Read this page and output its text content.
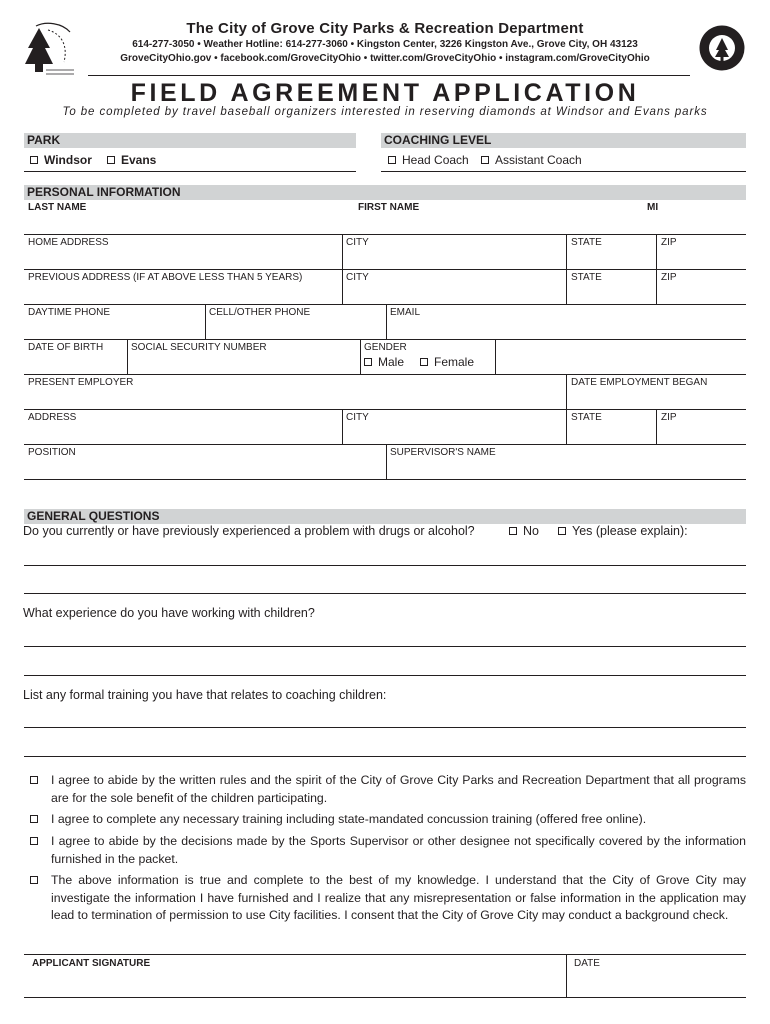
The City of Grove City Parks & Recreation Department
614-277-3050 • Weather Hotline: 614-277-3060 • Kingston Center, 3226 Kingston Ave., Grove City, OH 43123
GroveCityOhio.gov • facebook.com/GroveCityOhio • twitter.com/GroveCityOhio • instagram.com/GroveCityOhio
FIELD AGREEMENT APPLICATION
To be completed by travel baseball organizers interested in reserving diamonds at Windsor and Evans parks
PARK	COACHING LEVEL
Windsor	Evans	Head Coach	Assistant Coach
PERSONAL INFORMATION
LAST NAME	FIRST NAME	MI
HOME ADDRESS	CITY	STATE	ZIP
PREVIOUS ADDRESS (IF AT ABOVE LESS THAN 5 YEARS)	CITY	STATE	ZIP
DAYTIME PHONE	CELL/OTHER PHONE	EMAIL
DATE OF BIRTH	SOCIAL SECURITY NUMBER	GENDER
Male	Female
PRESENT EMPLOYER	DATE EMPLOYMENT BEGAN
ADDRESS	CITY	STATE	ZIP
POSITION	SUPERVISOR'S NAME
GENERAL QUESTIONS
Do you currently or have previously experienced a problem with drugs or alcohol?	No	Yes (please explain):
What experience do you have working with children?
List any formal training you have that relates to coaching children:
I agree to abide by the written rules and the spirit of the City of Grove City Parks and Recreation Department that all programs are for the sole benefit of the children participating.
I agree to complete any necessary training including state-mandated concussion training (offered free online).
I agree to abide by the decisions made by the Sports Supervisor or other designee not specifically covered by the information furnished in the packet.
The above information is true and complete to the best of my knowledge. I understand that the City of Grove City may investigate the information I have furnished and I realize that any misrepresentation or false information in the application may lead to termination of permission to use City facilities. I consent that the City of Grove City may conduct a background check.
APPLICANT SIGNATURE	DATE
